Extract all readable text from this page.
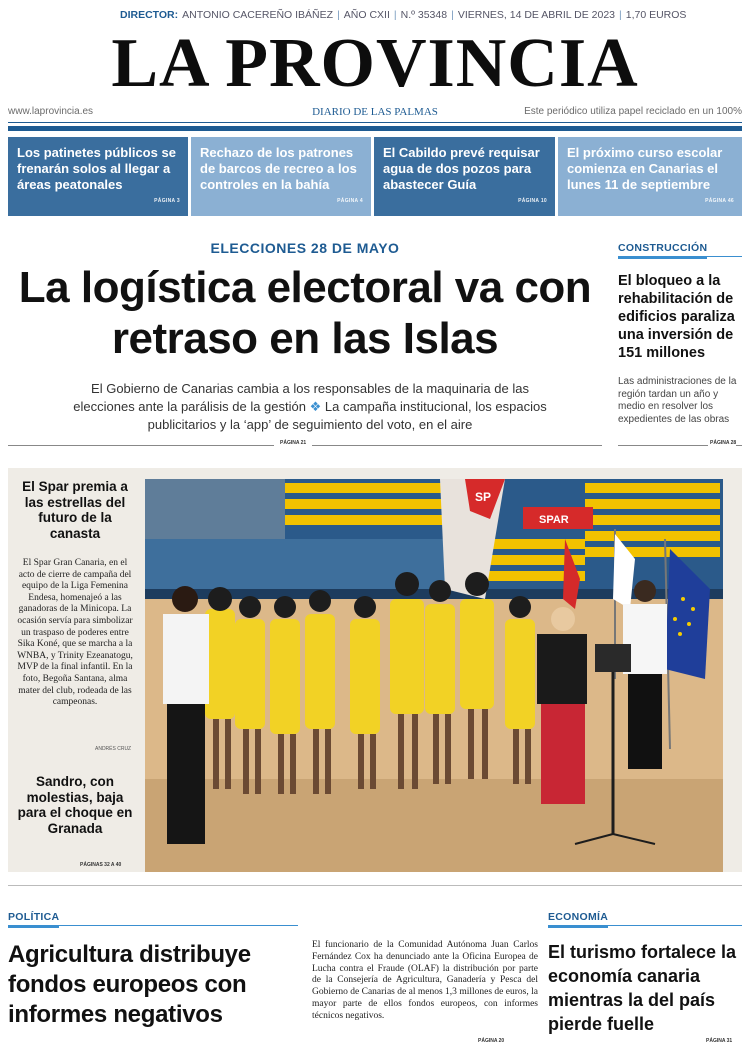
DIRECTOR: ANTONIO CACEREÑO IBÁÑEZ | AÑO CXII | N.º 35348 | VIERNES, 14 DE ABRIL DE 2023 | 1,70 EUROS
LA PROVINCIA
www.laprovincia.es	DIARIO DE LAS PALMAS	Este periódico utiliza papel reciclado en un 100%
Los patinetes públicos se frenarán solos al llegar a áreas peatonales
PÁGINA 3
Rechazo de los patrones de barcos de recreo a los controles en la bahía
PÁGINA 4
El Cabildo prevé requisar agua de dos pozos para abastecer Guía
PÁGINA 10
El próximo curso escolar comienza en Canarias el lunes 11 de septiembre
PÁGINA 46
ELECCIONES 28 DE MAYO
La logística electoral va con retraso en las Islas
El Gobierno de Canarias cambia a los responsables de la maquinaria de las elecciones ante la parálisis de la gestión ❖ La campaña institucional, los espacios publicitarios y la ‘app’ de seguimiento del voto, en el aire
PÁGINA 21
CONSTRUCCIÓN
El bloqueo a la rehabilitación de edificios paraliza una inversión de 151 millones
Las administraciones de la región tardan un año y medio en resolver los expedientes de las obras
PÁGINA 28
El Spar premia a las estrellas del futuro de la canasta
El Spar Gran Canaria, en el acto de cierre de campaña del equipo de la Liga Femenina Endesa, homenajeó a las ganadoras de la Minicopa. La ocasión servía para simbolizar un traspaso de poderes entre Sika Koné, que se marcha a la WNBA, y Trinity Ezeanatogu, MVP de la final infantil. En la foto, Begoña Santana, alma mater del club, rodeada de las campeonas.
ANDRÉS CRUZ
Sandro, con molestias, baja para el choque en Granada
PÁGINAS 32 A 40
SPAR
SP
POLÍTICA
Agricultura distribuye fondos europeos con informes negativos
El funcionario de la Comunidad Autónoma Juan Carlos Fernández Cox ha denunciado ante la Oficina Europea de Lucha contra el Fraude (OLAF) la distribución por parte de la Consejería de Agricultura, Ganadería y Pesca del Gobierno de Canarias de al menos 1,3 millones de euros, la mayor parte de ellos fondos europeos, con informes técnicos negativos.
PÁGINA 20
ECONOMÍA
El turismo fortalece la economía canaria mientras la del país pierde fuelle
PÁGINA 31
